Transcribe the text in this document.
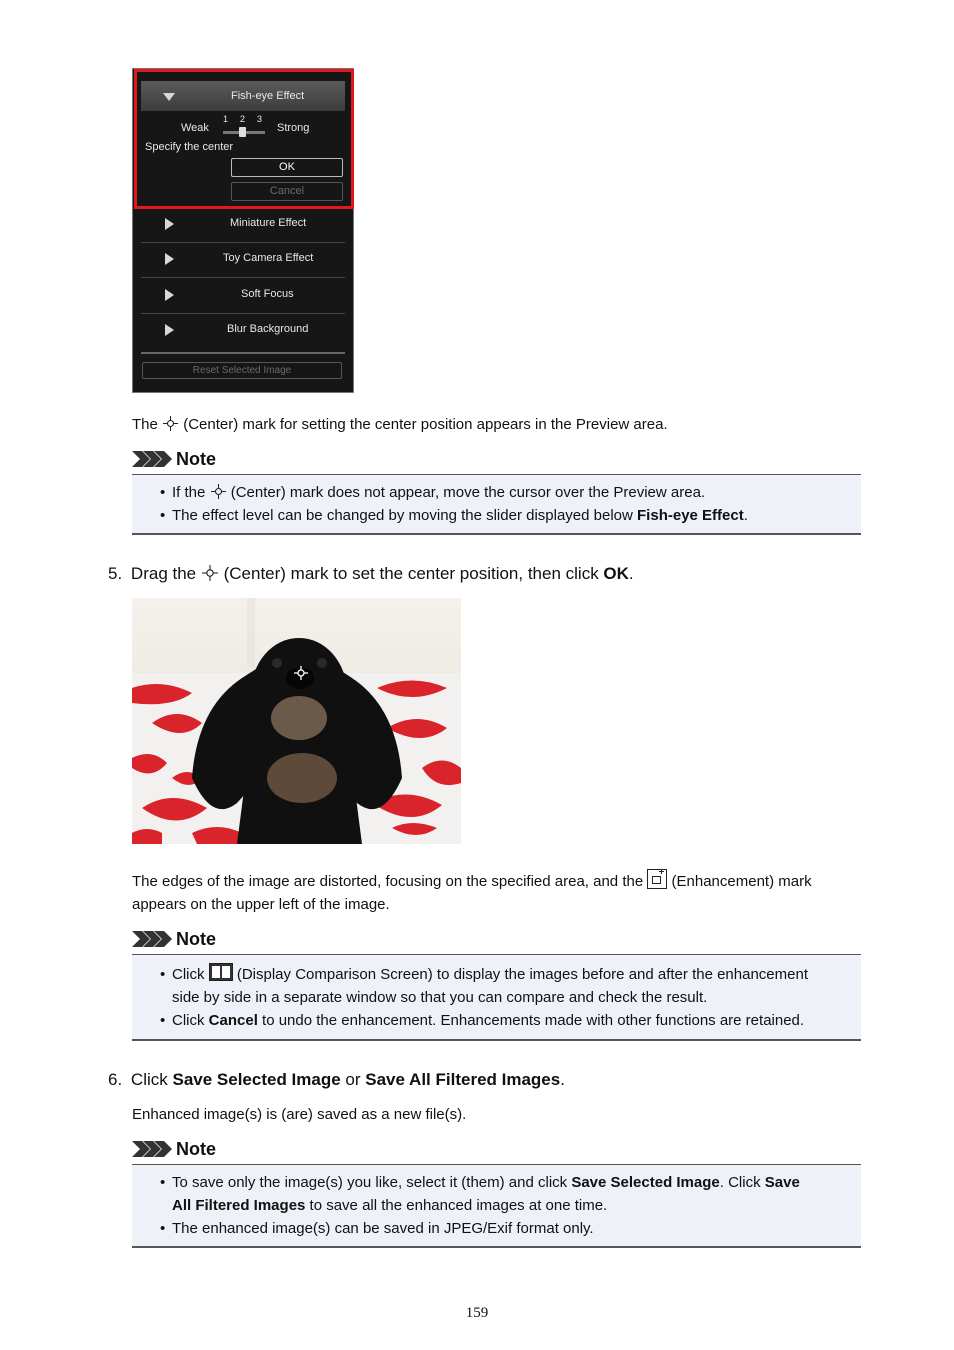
Fish-eye Effect
Weak
1 2 3
Strong
Specify the center
OK
Cancel
Miniature Effect
Toy Camera Effect
Soft Focus
Blur Background
Reset Selected Image
The (Center) mark for setting the center position appears in the Preview area.
Note
• If the (Center) mark does not appear, move the cursor over the Preview area.
• The effect level can be changed by moving the slider displayed below Fish-eye Effect.
5. Drag the (Center) mark to set the center position, then click OK.
The edges of the image are distorted, focusing on the specified area, and the (Enhancement) mark
appears on the upper left of the image.
Note
• Click (Display Comparison Screen) to display the images before and after the enhancement
side by side in a separate window so that you can compare and check the result.
• Click Cancel to undo the enhancement. Enhancements made with other functions are retained.
6. Click Save Selected Image or Save All Filtered Images.
Enhanced image(s) is (are) saved as a new file(s).
Note
• To save only the image(s) you like, select it (them) and click Save Selected Image. Click Save
All Filtered Images to save all the enhanced images at one time.
• The enhanced image(s) can be saved in JPEG/Exif format only.
159
